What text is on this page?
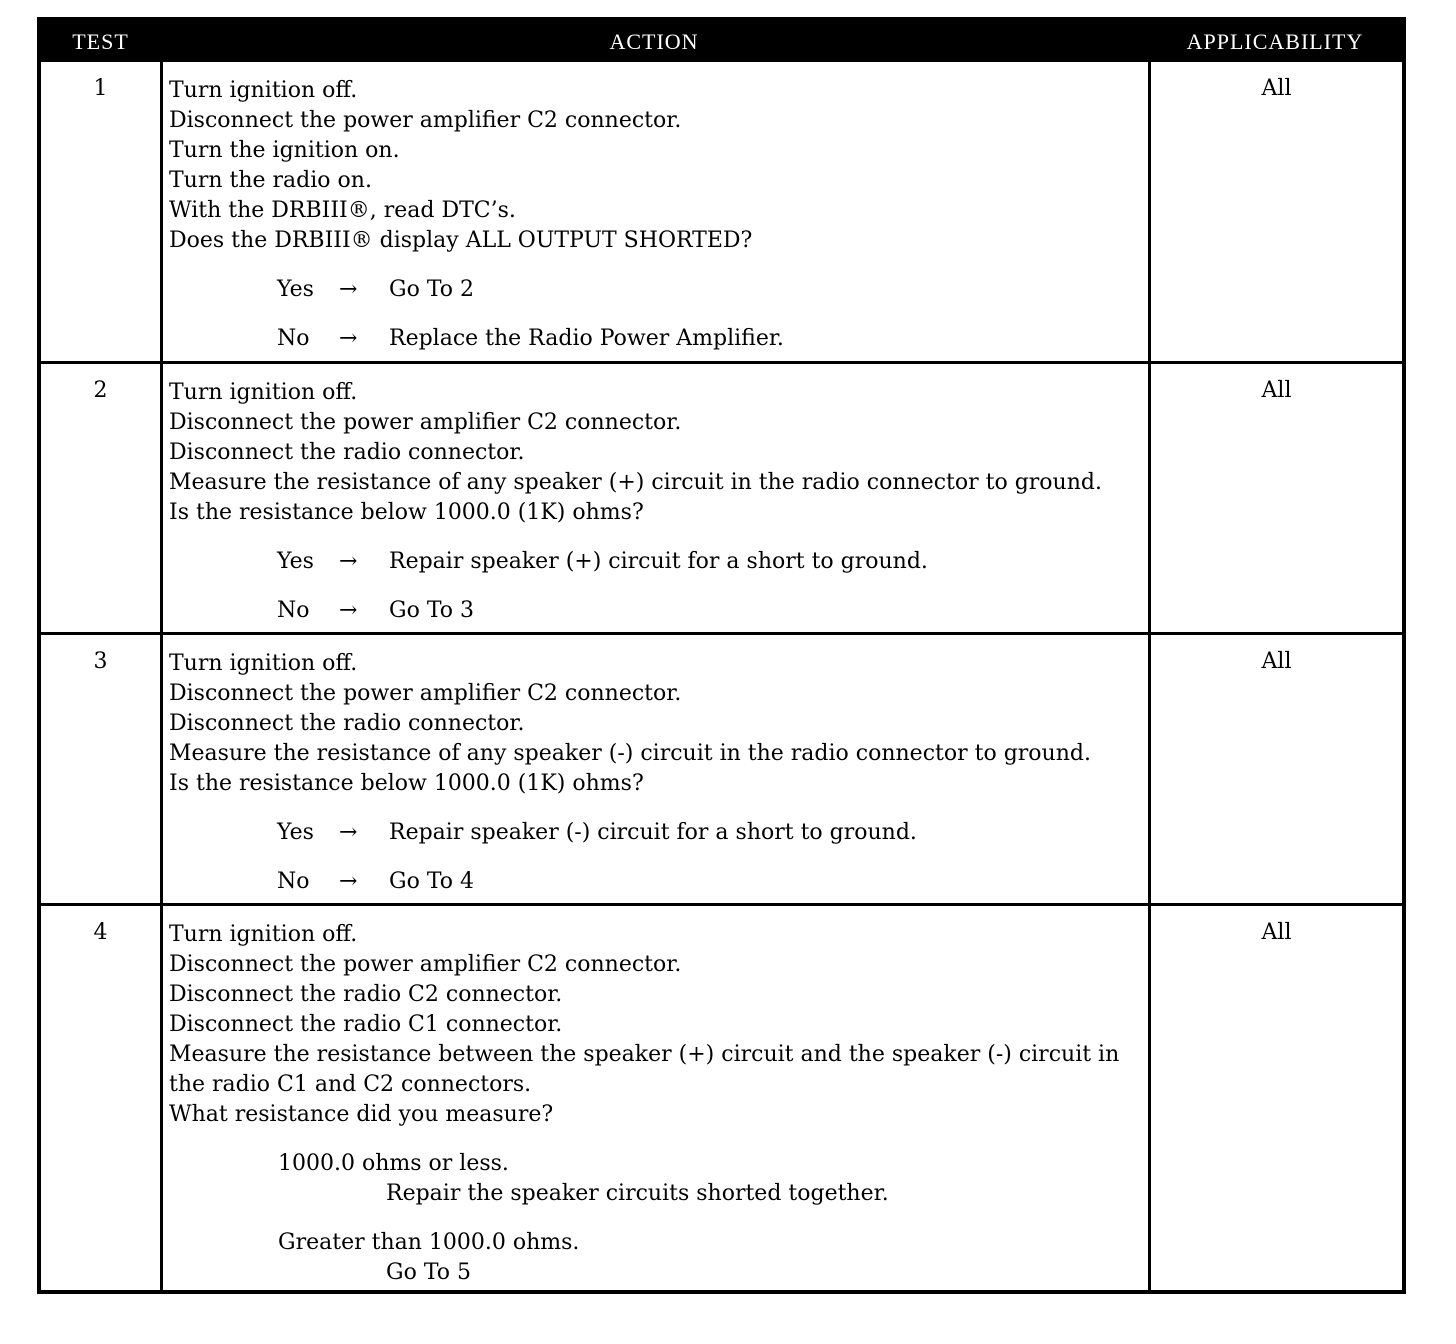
TEST	ACTION	APPLICABILITY
1	Turn ignition off.
Disconnect the power amplifier C2 connector.
Turn the ignition on.
Turn the radio on.
With the DRBIII®, read DTC’s.
Does the DRBIII® display ALL OUTPUT SHORTED?
Yes → Go To 2
No → Replace the Radio Power Amplifier.
All
2	Turn ignition off.
Disconnect the power amplifier C2 connector.
Disconnect the radio connector.
Measure the resistance of any speaker (+) circuit in the radio connector to ground.
Is the resistance below 1000.0 (1K) ohms?
Yes → Repair speaker (+) circuit for a short to ground.
No → Go To 3
All
3	Turn ignition off.
Disconnect the power amplifier C2 connector.
Disconnect the radio connector.
Measure the resistance of any speaker (-) circuit in the radio connector to ground.
Is the resistance below 1000.0 (1K) ohms?
Yes → Repair speaker (-) circuit for a short to ground.
No → Go To 4
All
4	Turn ignition off.
Disconnect the power amplifier C2 connector.
Disconnect the radio C2 connector.
Disconnect the radio C1 connector.
Measure the resistance between the speaker (+) circuit and the speaker (-) circuit in
the radio C1 and C2 connectors.
What resistance did you measure?
1000.0 ohms or less.
Repair the speaker circuits shorted together.
Greater than 1000.0 ohms.
Go To 5
All
